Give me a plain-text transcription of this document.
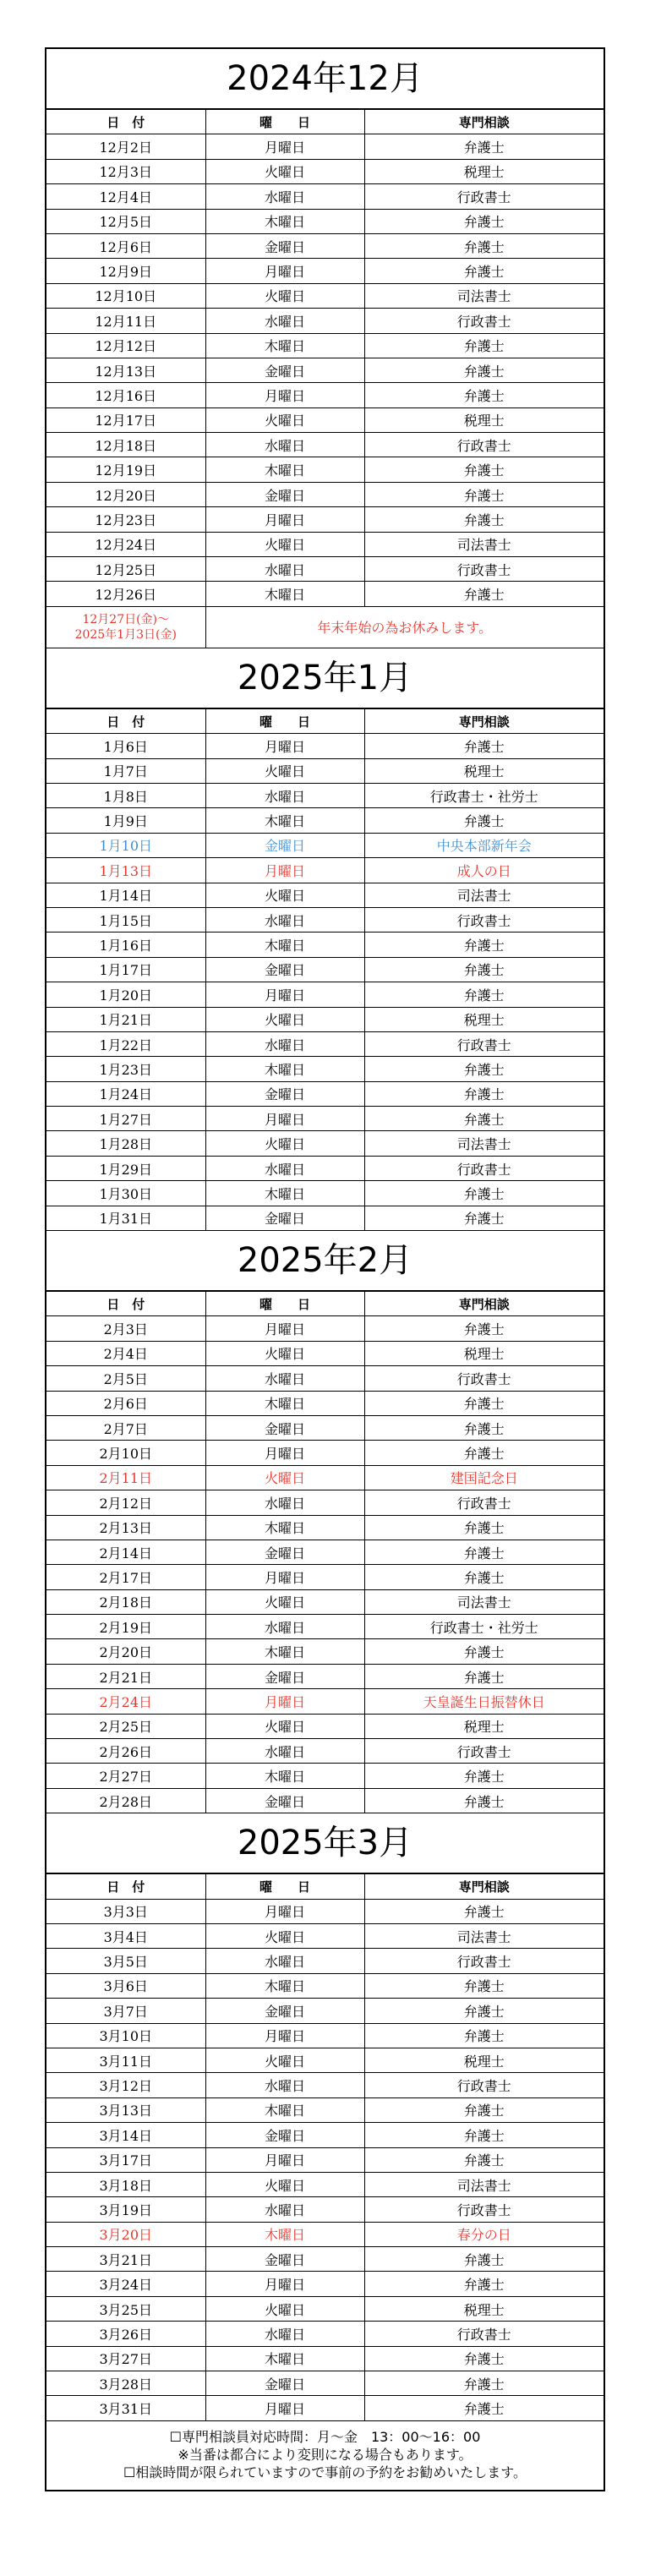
2024年12月
日　付	曜　　日	専門相談
12月2日	月曜日	弁護士
12月3日	火曜日	税理士
12月4日	水曜日	行政書士
12月5日	木曜日	弁護士
12月6日	金曜日	弁護士
12月9日	月曜日	弁護士
12月10日	火曜日	司法書士
12月11日	水曜日	行政書士
12月12日	木曜日	弁護士
12月13日	金曜日	弁護士
12月16日	月曜日	弁護士
12月17日	火曜日	税理士
12月18日	水曜日	行政書士
12月19日	木曜日	弁護士
12月20日	金曜日	弁護士
12月23日	月曜日	弁護士
12月24日	火曜日	司法書士
12月25日	水曜日	行政書士
12月26日	木曜日	弁護士

12月27日(金)～
2025年1月3日(金)	年末年始の為お休みします。	
2025年1月
日　付	曜　　日	専門相談
1月6日	月曜日	弁護士
1月7日	火曜日	税理士
1月8日	水曜日	行政書士・社労士
1月9日	木曜日	弁護士
1月10日	金曜日	中央本部新年会
1月13日	月曜日	成人の日
1月14日	火曜日	司法書士
1月15日	水曜日	行政書士
1月16日	木曜日	弁護士
1月17日	金曜日	弁護士
1月20日	月曜日	弁護士
1月21日	火曜日	税理士
1月22日	水曜日	行政書士
1月23日	木曜日	弁護士
1月24日	金曜日	弁護士
1月27日	月曜日	弁護士
1月28日	火曜日	司法書士
1月29日	水曜日	行政書士
1月30日	木曜日	弁護士
1月31日	金曜日	弁護士
2025年2月
日　付	曜　　日	専門相談
2月3日	月曜日	弁護士
2月4日	火曜日	税理士
2月5日	水曜日	行政書士
2月6日	木曜日	弁護士
2月7日	金曜日	弁護士
2月10日	月曜日	弁護士
2月11日	火曜日	建国記念日
2月12日	水曜日	行政書士
2月13日	木曜日	弁護士
2月14日	金曜日	弁護士
2月17日	月曜日	弁護士
2月18日	火曜日	司法書士
2月19日	水曜日	行政書士・社労士
2月20日	木曜日	弁護士
2月21日	金曜日	弁護士
2月24日	月曜日	天皇誕生日振替休日
2月25日	火曜日	税理士
2月26日	水曜日	行政書士
2月27日	木曜日	弁護士
2月28日	金曜日	弁護士
2025年3月
日　付	曜　　日	専門相談
3月3日	月曜日	弁護士
3月4日	火曜日	司法書士
3月5日	水曜日	行政書士
3月6日	木曜日	弁護士
3月7日	金曜日	弁護士
3月10日	月曜日	弁護士
3月11日	火曜日	税理士
3月12日	水曜日	行政書士
3月13日	木曜日	弁護士
3月14日	金曜日	弁護士
3月17日	月曜日	弁護士
3月18日	火曜日	司法書士
3月19日	水曜日	行政書士
3月20日	木曜日	春分の日
3月21日	金曜日	弁護士
3月24日	月曜日	弁護士
3月25日	火曜日	税理士
3月26日	水曜日	行政書士
3月27日	木曜日	弁護士
3月28日	金曜日	弁護士
3月31日	月曜日	弁護士
☐専門相談員対応時間：月～金　13：00～16：00
※当番は都合により変則になる場合もあります。
☐相談時間が限られていますので事前の予約をお勧めいたします。
